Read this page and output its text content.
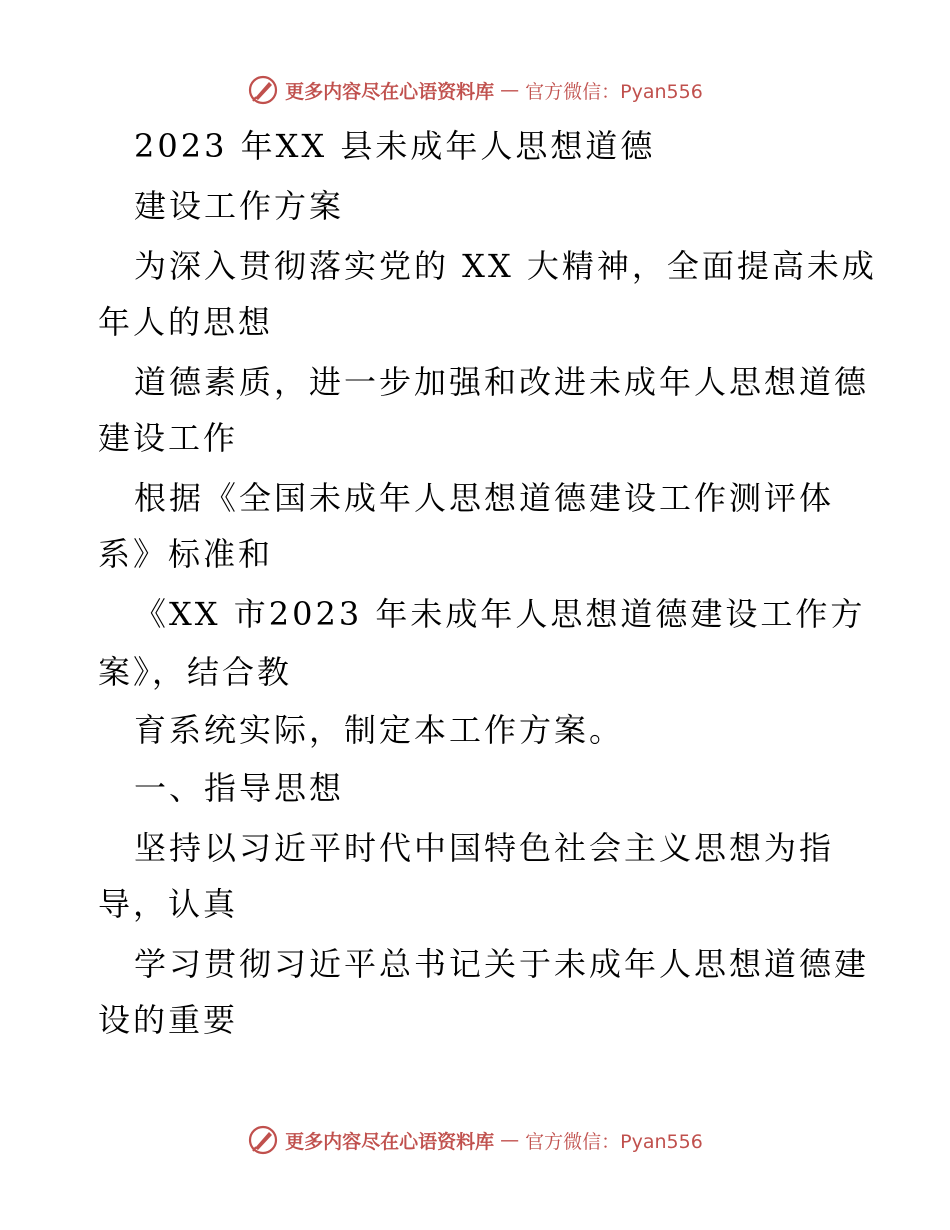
更多内容尽在心语资料库 — 官方微信：Pyan556
2023 年XX 县未成年人思想道德
建设工作方案
为深入贯彻落实党的 XX 大精神，全面提高未成
年人的思想
道德素质，进一步加强和改进未成年人思想道德
建设工作
根据《全国未成年人思想道德建设工作测评体
系》标准和
《XX 市2023 年未成年人思想道德建设工作方
案》，结合教
育系统实际，制定本工作方案。
一、指导思想
坚持以习近平时代中国特色社会主义思想为指
导，认真
学习贯彻习近平总书记关于未成年人思想道德建
设的重要
更多内容尽在心语资料库 — 官方微信：Pyan556
